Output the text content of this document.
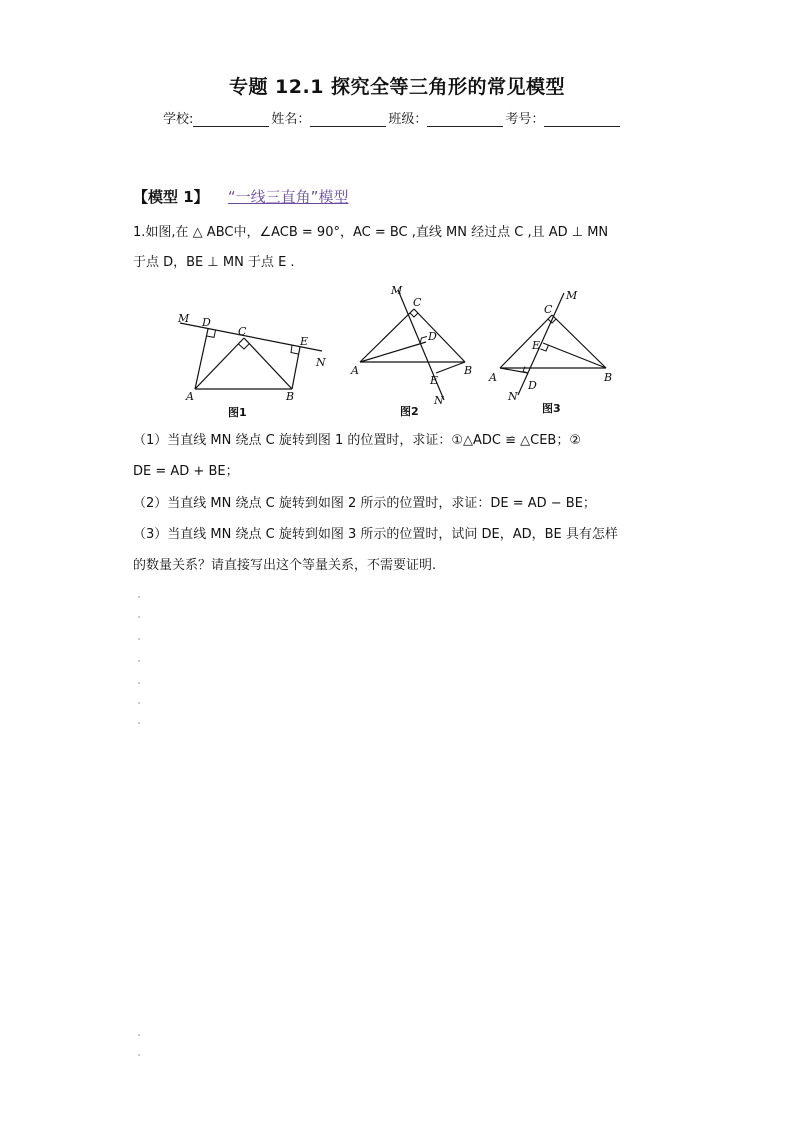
专题 12.1 探究全等三角形的常见模型
学校:	姓名：	班级：	考号：
【模型 1】 “一线三直角”模型
1.如图,在 △ ABC中，∠ACB = 90°，AC = BC ,直线 MN 经过点 C ,且 AD ⊥ MN
于点 D，BE ⊥ MN 于点 E .
M D
C
E
N
A	B
图1
M
C
D
A	B
E
N
图2
C
M
E
A
D
B
N
图3
（1）当直线 MN 绕点 C 旋转到图 1 的位置时，求证：①△ADC ≌ △CEB；②
DE = AD + BE；
（2）当直线 MN 绕点 C 旋转到如图 2 所示的位置时，求证：DE = AD − BE；
（3）当直线 MN 绕点 C 旋转到如图 3 所示的位置时，试问 DE，AD，BE 具有怎样
的数量关系？请直接写出这个等量关系，不需要证明.
